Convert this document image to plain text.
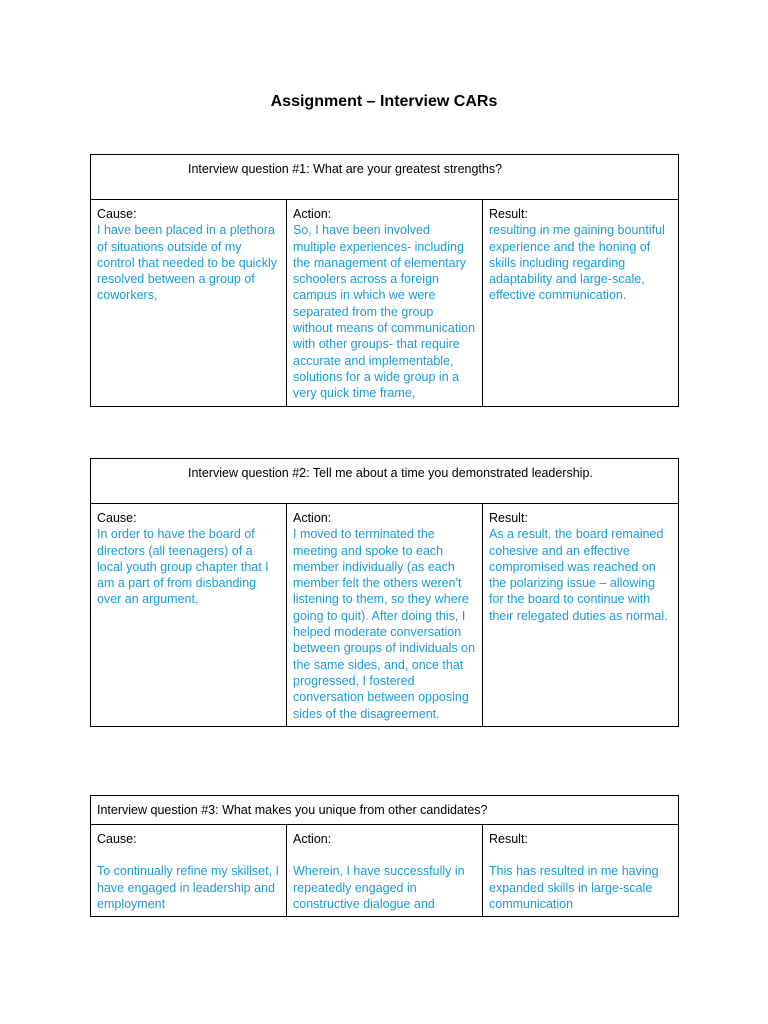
Assignment – Interview CARs
Interview question #1: What are your greatest strengths?

Cause:
I have been placed in a plethora of situations outside of my control that needed to be quickly resolved between a group of coworkers,

Action:
So, I have been involved multiple experiences- including the management of elementary schoolers across a foreign campus in which we were separated from the group without means of communication with other groups- that require accurate and implementable, solutions for a wide group in a very quick time frame,

Result:
resulting in me gaining bountiful experience and the honing of skills including regarding adaptability and large-scale, effective communication.
Interview question #2: Tell me about a time you demonstrated leadership.

Cause:
In order to have the board of directors (all teenagers) of a local youth group chapter that I am a part of from disbanding over an argument,

Action:
I moved to terminated the meeting and spoke to each member individually (as each member felt the others weren't listening to them, so they where going to quit). After doing this, I helped moderate conversation between groups of individuals on the same sides, and, once that progressed, I fostered conversation between opposing sides of the disagreement.

Result:
As a result, the board remained cohesive and an effective compromised was reached on the polarizing issue – allowing for the board to continue with their relegated duties as normal.
Interview question #3: What makes you unique from other candidates?

Cause:
To continually refine my skillset, I have engaged in leadership and employment

Action:
Wherein, I have successfully in repeatedly engaged in constructive dialogue and

Result:
This has resulted in me having expanded skills in large-scale communication
